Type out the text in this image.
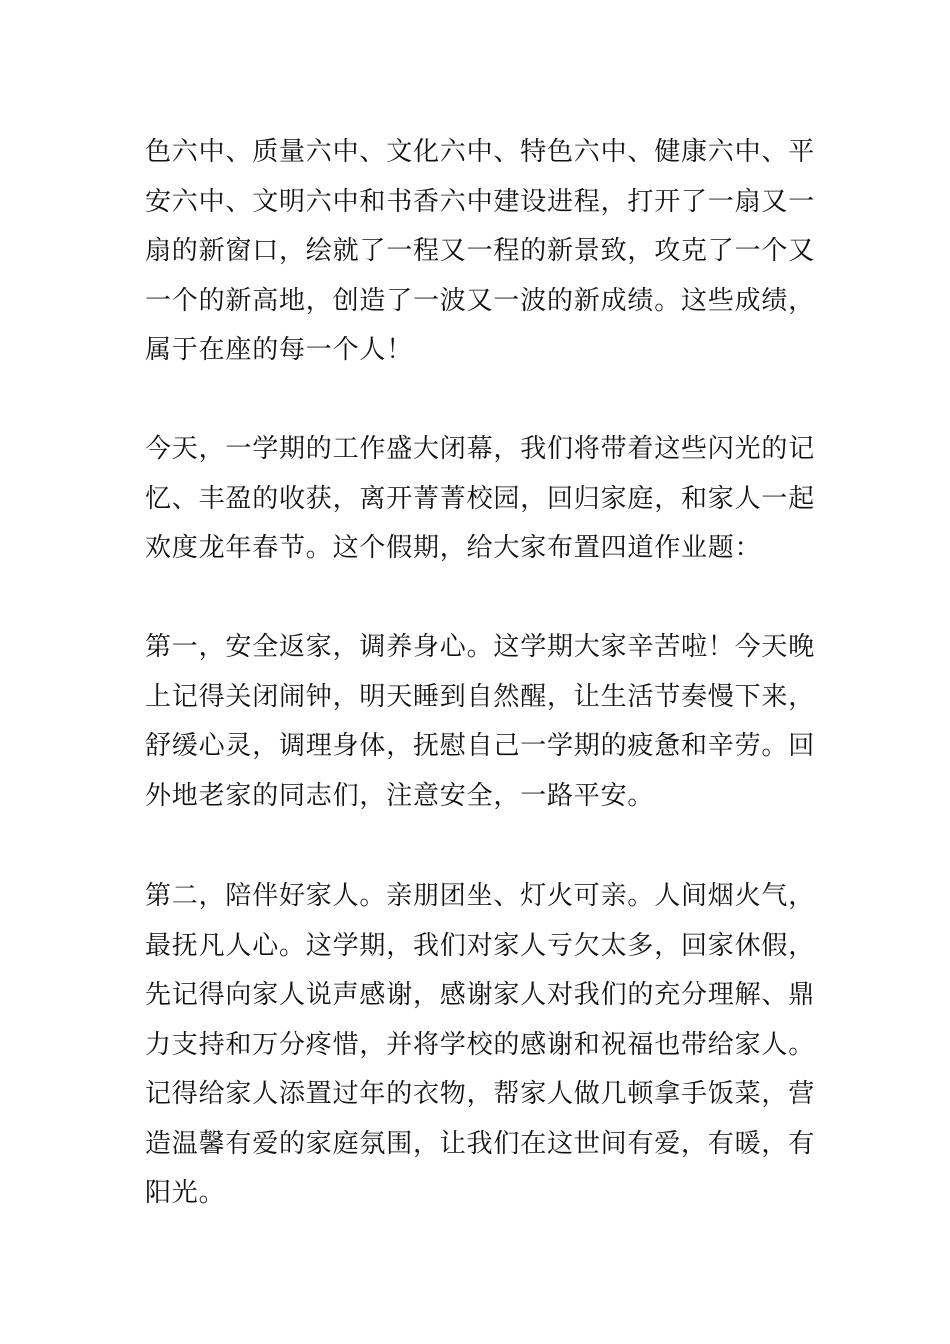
色六中、质量六中、文化六中、特色六中、健康六中、平
安六中、文明六中和书香六中建设进程，打开了一扇又一
扇的新窗口，绘就了一程又一程的新景致，攻克了一个又
一个的新高地，创造了一波又一波的新成绩。这些成绩，
属于在座的每一个人！

今天，一学期的工作盛大闭幕，我们将带着这些闪光的记
忆、丰盈的收获，离开菁菁校园，回归家庭，和家人一起
欢度龙年春节。这个假期，给大家布置四道作业题：

第一，安全返家，调养身心。这学期大家辛苦啦！今天晚
上记得关闭闹钟，明天睡到自然醒，让生活节奏慢下来，
舒缓心灵，调理身体，抚慰自己一学期的疲惫和辛劳。回
外地老家的同志们，注意安全，一路平安。

第二，陪伴好家人。亲朋团坐、灯火可亲。人间烟火气，
最抚凡人心。这学期，我们对家人亏欠太多，回家休假，
先记得向家人说声感谢，感谢家人对我们的充分理解、鼎
力支持和万分疼惜，并将学校的感谢和祝福也带给家人。
记得给家人添置过年的衣物，帮家人做几顿拿手饭菜，营
造温馨有爱的家庭氛围，让我们在这世间有爱，有暖，有
阳光。
